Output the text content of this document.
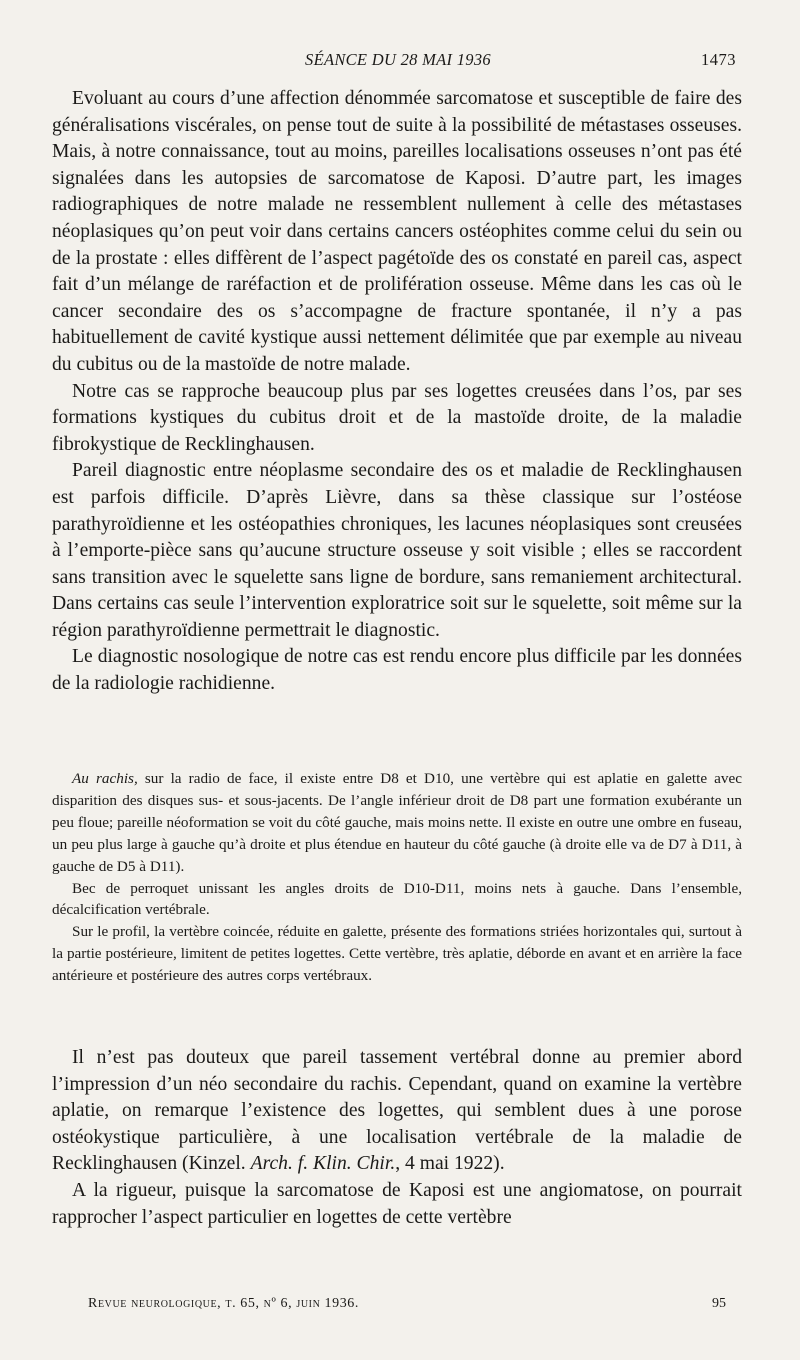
SÉANCE DU 28 MAI 1936	1473

Evoluant au cours d’une affection dénommée sarcomatose et susceptible de faire des généralisations viscérales, on pense tout de suite à la possibilité de métastases osseuses. Mais, à notre connaissance, tout au moins, pareilles localisations osseuses n’ont pas été signalées dans les autopsies de sarcomatose de Kaposi. D’autre part, les images radiographiques de notre malade ne ressemblent nullement à celle des métastases néoplasiques qu’on peut voir dans certains cancers ostéophites comme celui du sein ou de la prostate : elles diffèrent de l’aspect pagétoïde des os constaté en pareil cas, aspect fait d’un mélange de raréfaction et de prolifération osseuse. Même dans les cas où le cancer secondaire des os s’accompagne de fracture spontanée, il n’y a pas habituellement de cavité kystique aussi nettement délimitée que par exemple au niveau du cubitus ou de la mastoïde de notre malade.

Notre cas se rapproche beaucoup plus par ses logettes creusées dans l’os, par ses formations kystiques du cubitus droit et de la mastoïde droite, de la maladie fibrokystique de Recklinghausen.

Pareil diagnostic entre néoplasme secondaire des os et maladie de Recklinghausen est parfois difficile. D’après Lièvre, dans sa thèse classique sur l’ostéose parathyroïdienne et les ostéopathies chroniques, les lacunes néoplasiques sont creusées à l’emporte-pièce sans qu’aucune structure osseuse y soit visible ; elles se raccordent sans transition avec le squelette sans ligne de bordure, sans remaniement architectural. Dans certains cas seule l’intervention exploratrice soit sur le squelette, soit même sur la région parathyroïdienne permettrait le diagnostic.

Le diagnostic nosologique de notre cas est rendu encore plus difficile par les données de la radiologie rachidienne.

Au rachis, sur la radio de face, il existe entre D8 et D10, une vertèbre qui est aplatie en galette avec disparition des disques sus- et sous-jacents. De l’angle inférieur droit de D8 part une formation exubérante un peu floue; pareille néoformation se voit du côté gauche, mais moins nette. Il existe en outre une ombre en fuseau, un peu plus large à gauche qu’à droite et plus étendue en hauteur du côté gauche (à droite elle va de D7 à D11, à gauche de D5 à D11).

Bec de perroquet unissant les angles droits de D10-D11, moins nets à gauche. Dans l’ensemble, décalcification vertébrale.

Sur le profil, la vertèbre coincée, réduite en galette, présente des formations striées horizontales qui, surtout à la partie postérieure, limitent de petites logettes. Cette vertèbre, très aplatie, déborde en avant et en arrière la face antérieure et postérieure des autres corps vertébraux.

Il n’est pas douteux que pareil tassement vertébral donne au premier abord l’impression d’un néo secondaire du rachis. Cependant, quand on examine la vertèbre aplatie, on remarque l’existence des logettes, qui semblent dues à une porose ostéokystique particulière, à une localisation vertébrale de la maladie de Recklinghausen (Kinzel. Arch. f. Klin. Chir., 4 mai 1922).

A la rigueur, puisque la sarcomatose de Kaposi est une angiomatose, on pourrait rapprocher l’aspect particulier en logettes de cette vertèbre

Revue neurologique, t. 65, nº 6, juin 1936.	95
